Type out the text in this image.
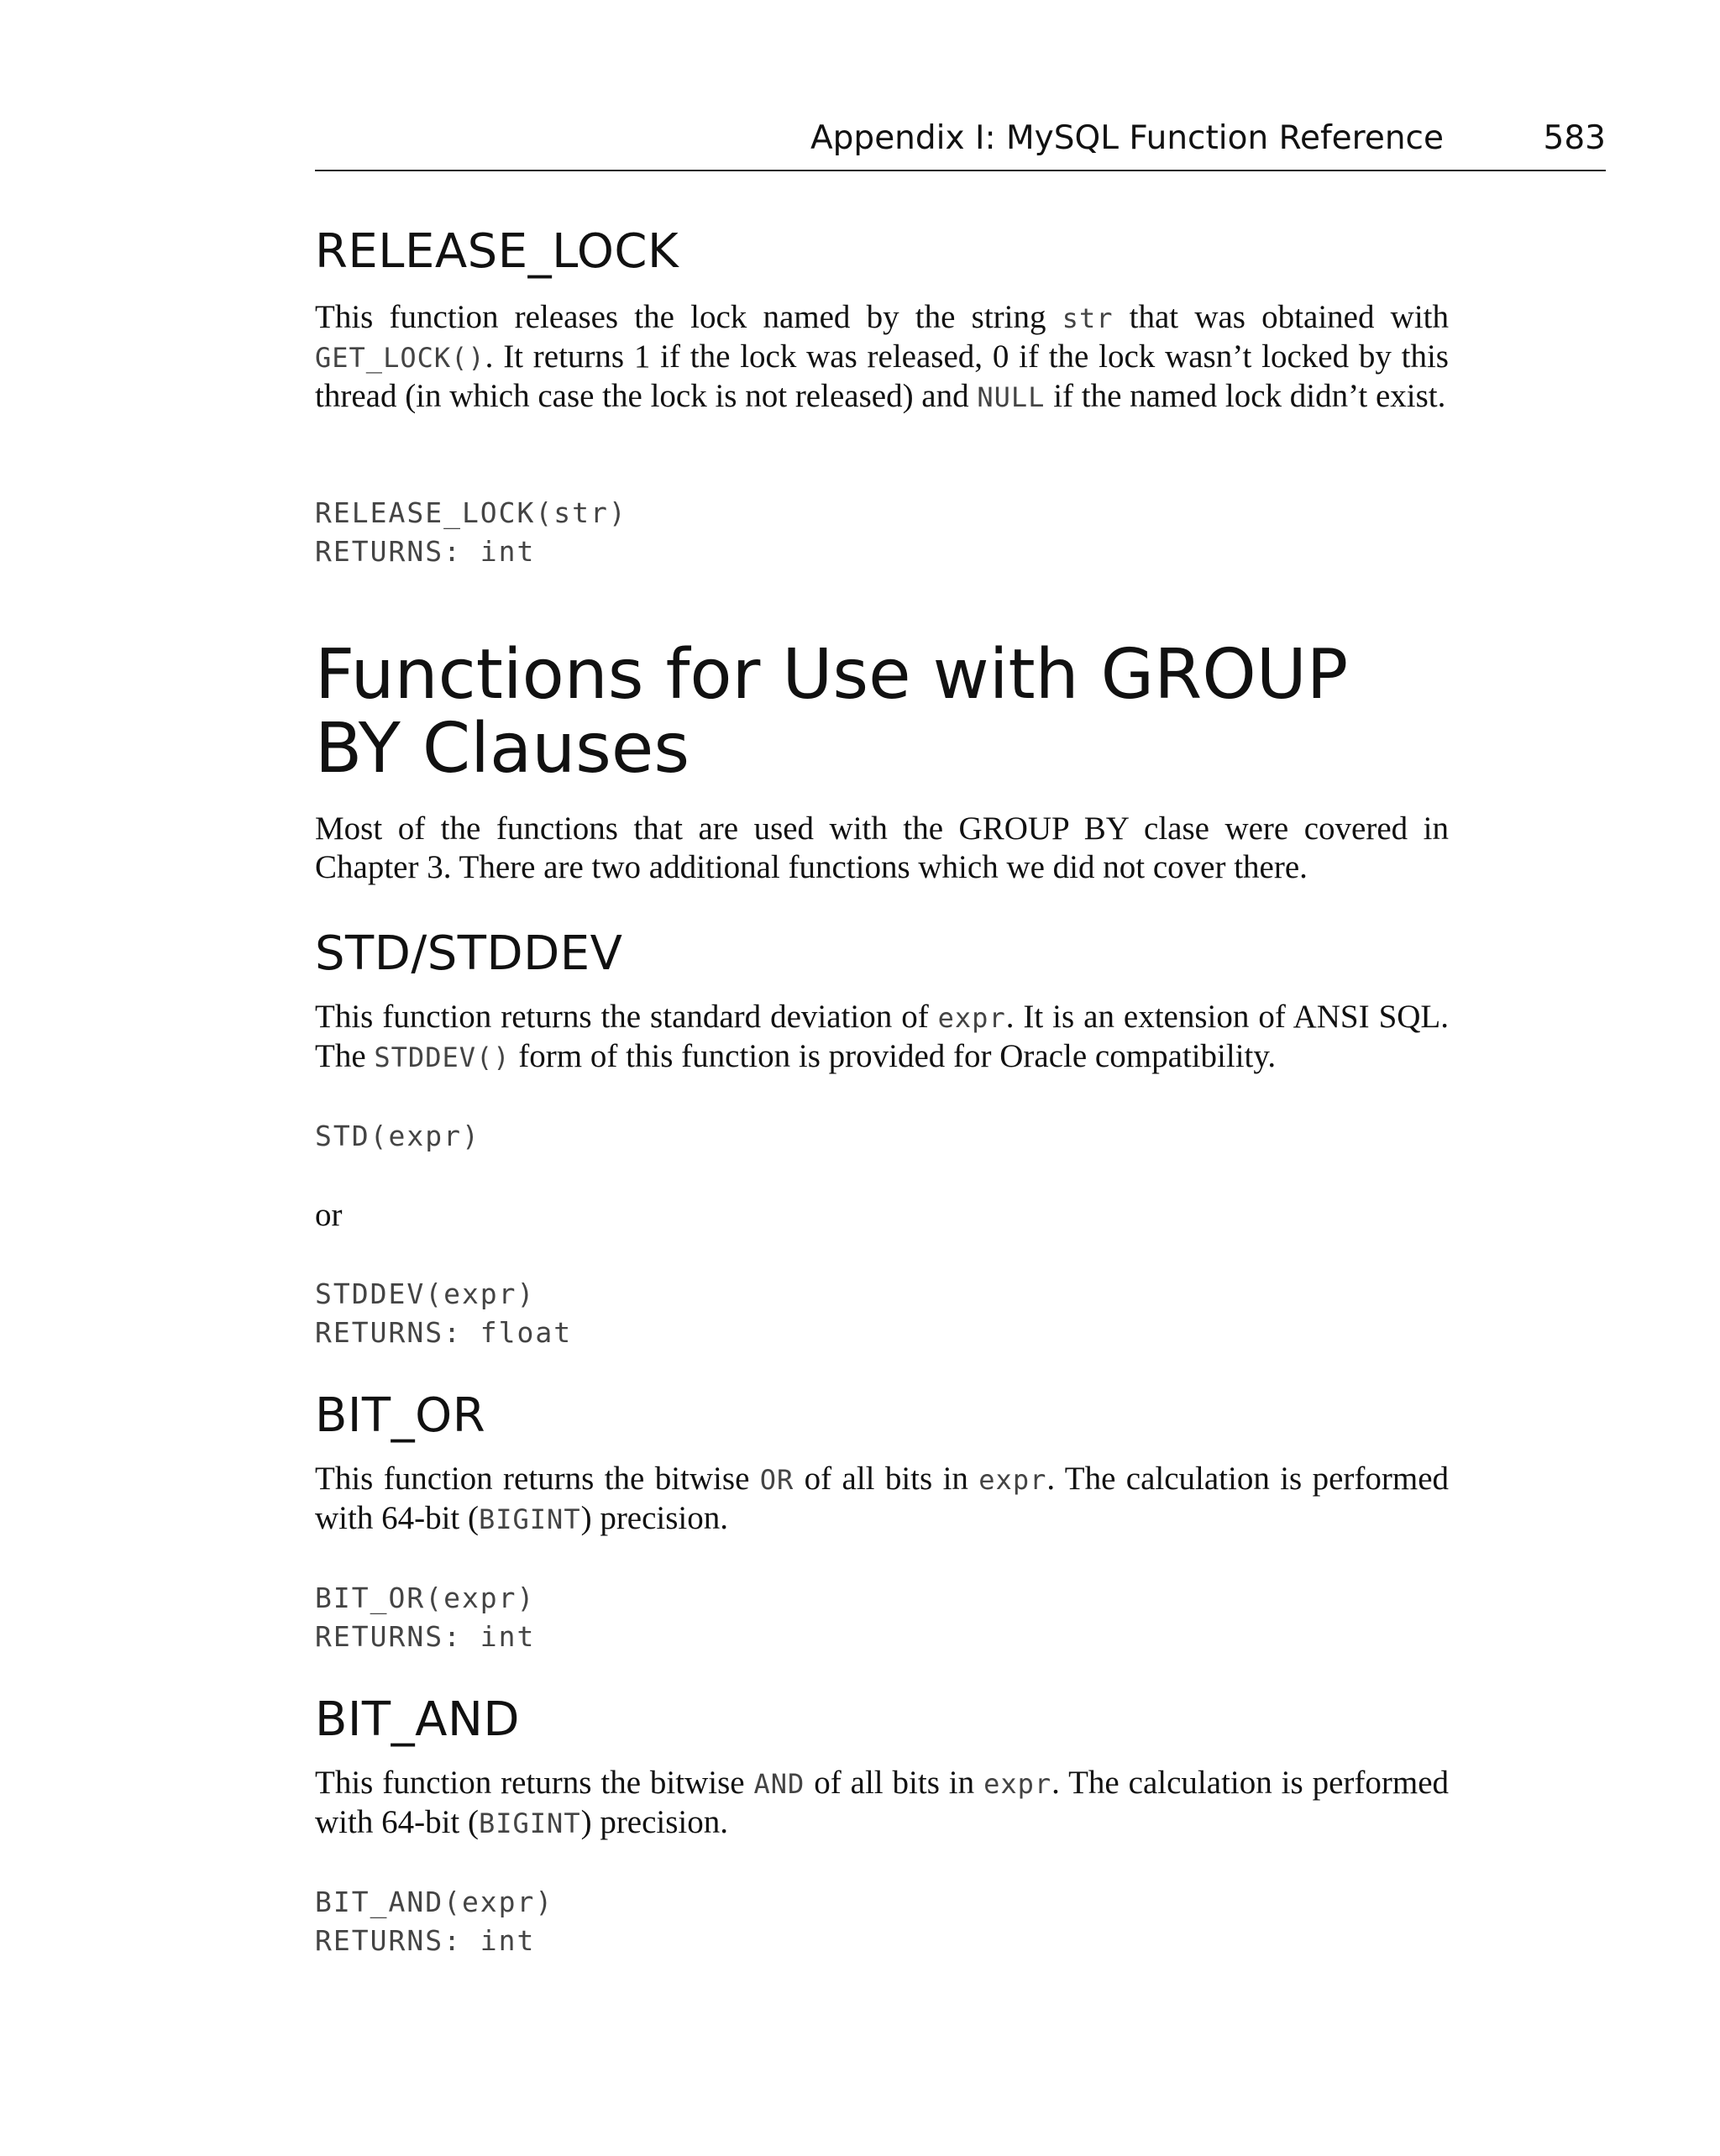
Appendix I: MySQL Function Reference	583
RELEASE_LOCK

This function releases the lock named by the string str that was obtained with GET_LOCK(). It returns 1 if the lock was released, 0 if the lock wasn’t locked by this thread (in which case the lock is not released) and NULL if the named lock didn’t exist.

RELEASE_LOCK(str)
RETURNS: int
Functions for Use with GROUP
BY Clauses

Most of the functions that are used with the GROUP BY clase were covered in Chapter 3. There are two additional functions which we did not cover there.

STD/STDDEV

This function returns the standard deviation of expr. It is an extension of ANSI SQL. The STDDEV() form of this function is provided for Oracle compatibility.

STD(expr)

or

STDDEV(expr)
RETURNS: float
BIT_OR

This function returns the bitwise OR of all bits in expr. The calculation is performed with 64-bit (BIGINT) precision.

BIT_OR(expr)
RETURNS: int
BIT_AND

This function returns the bitwise AND of all bits in expr. The calculation is performed with 64-bit (BIGINT) precision.

BIT_AND(expr)
RETURNS: int
